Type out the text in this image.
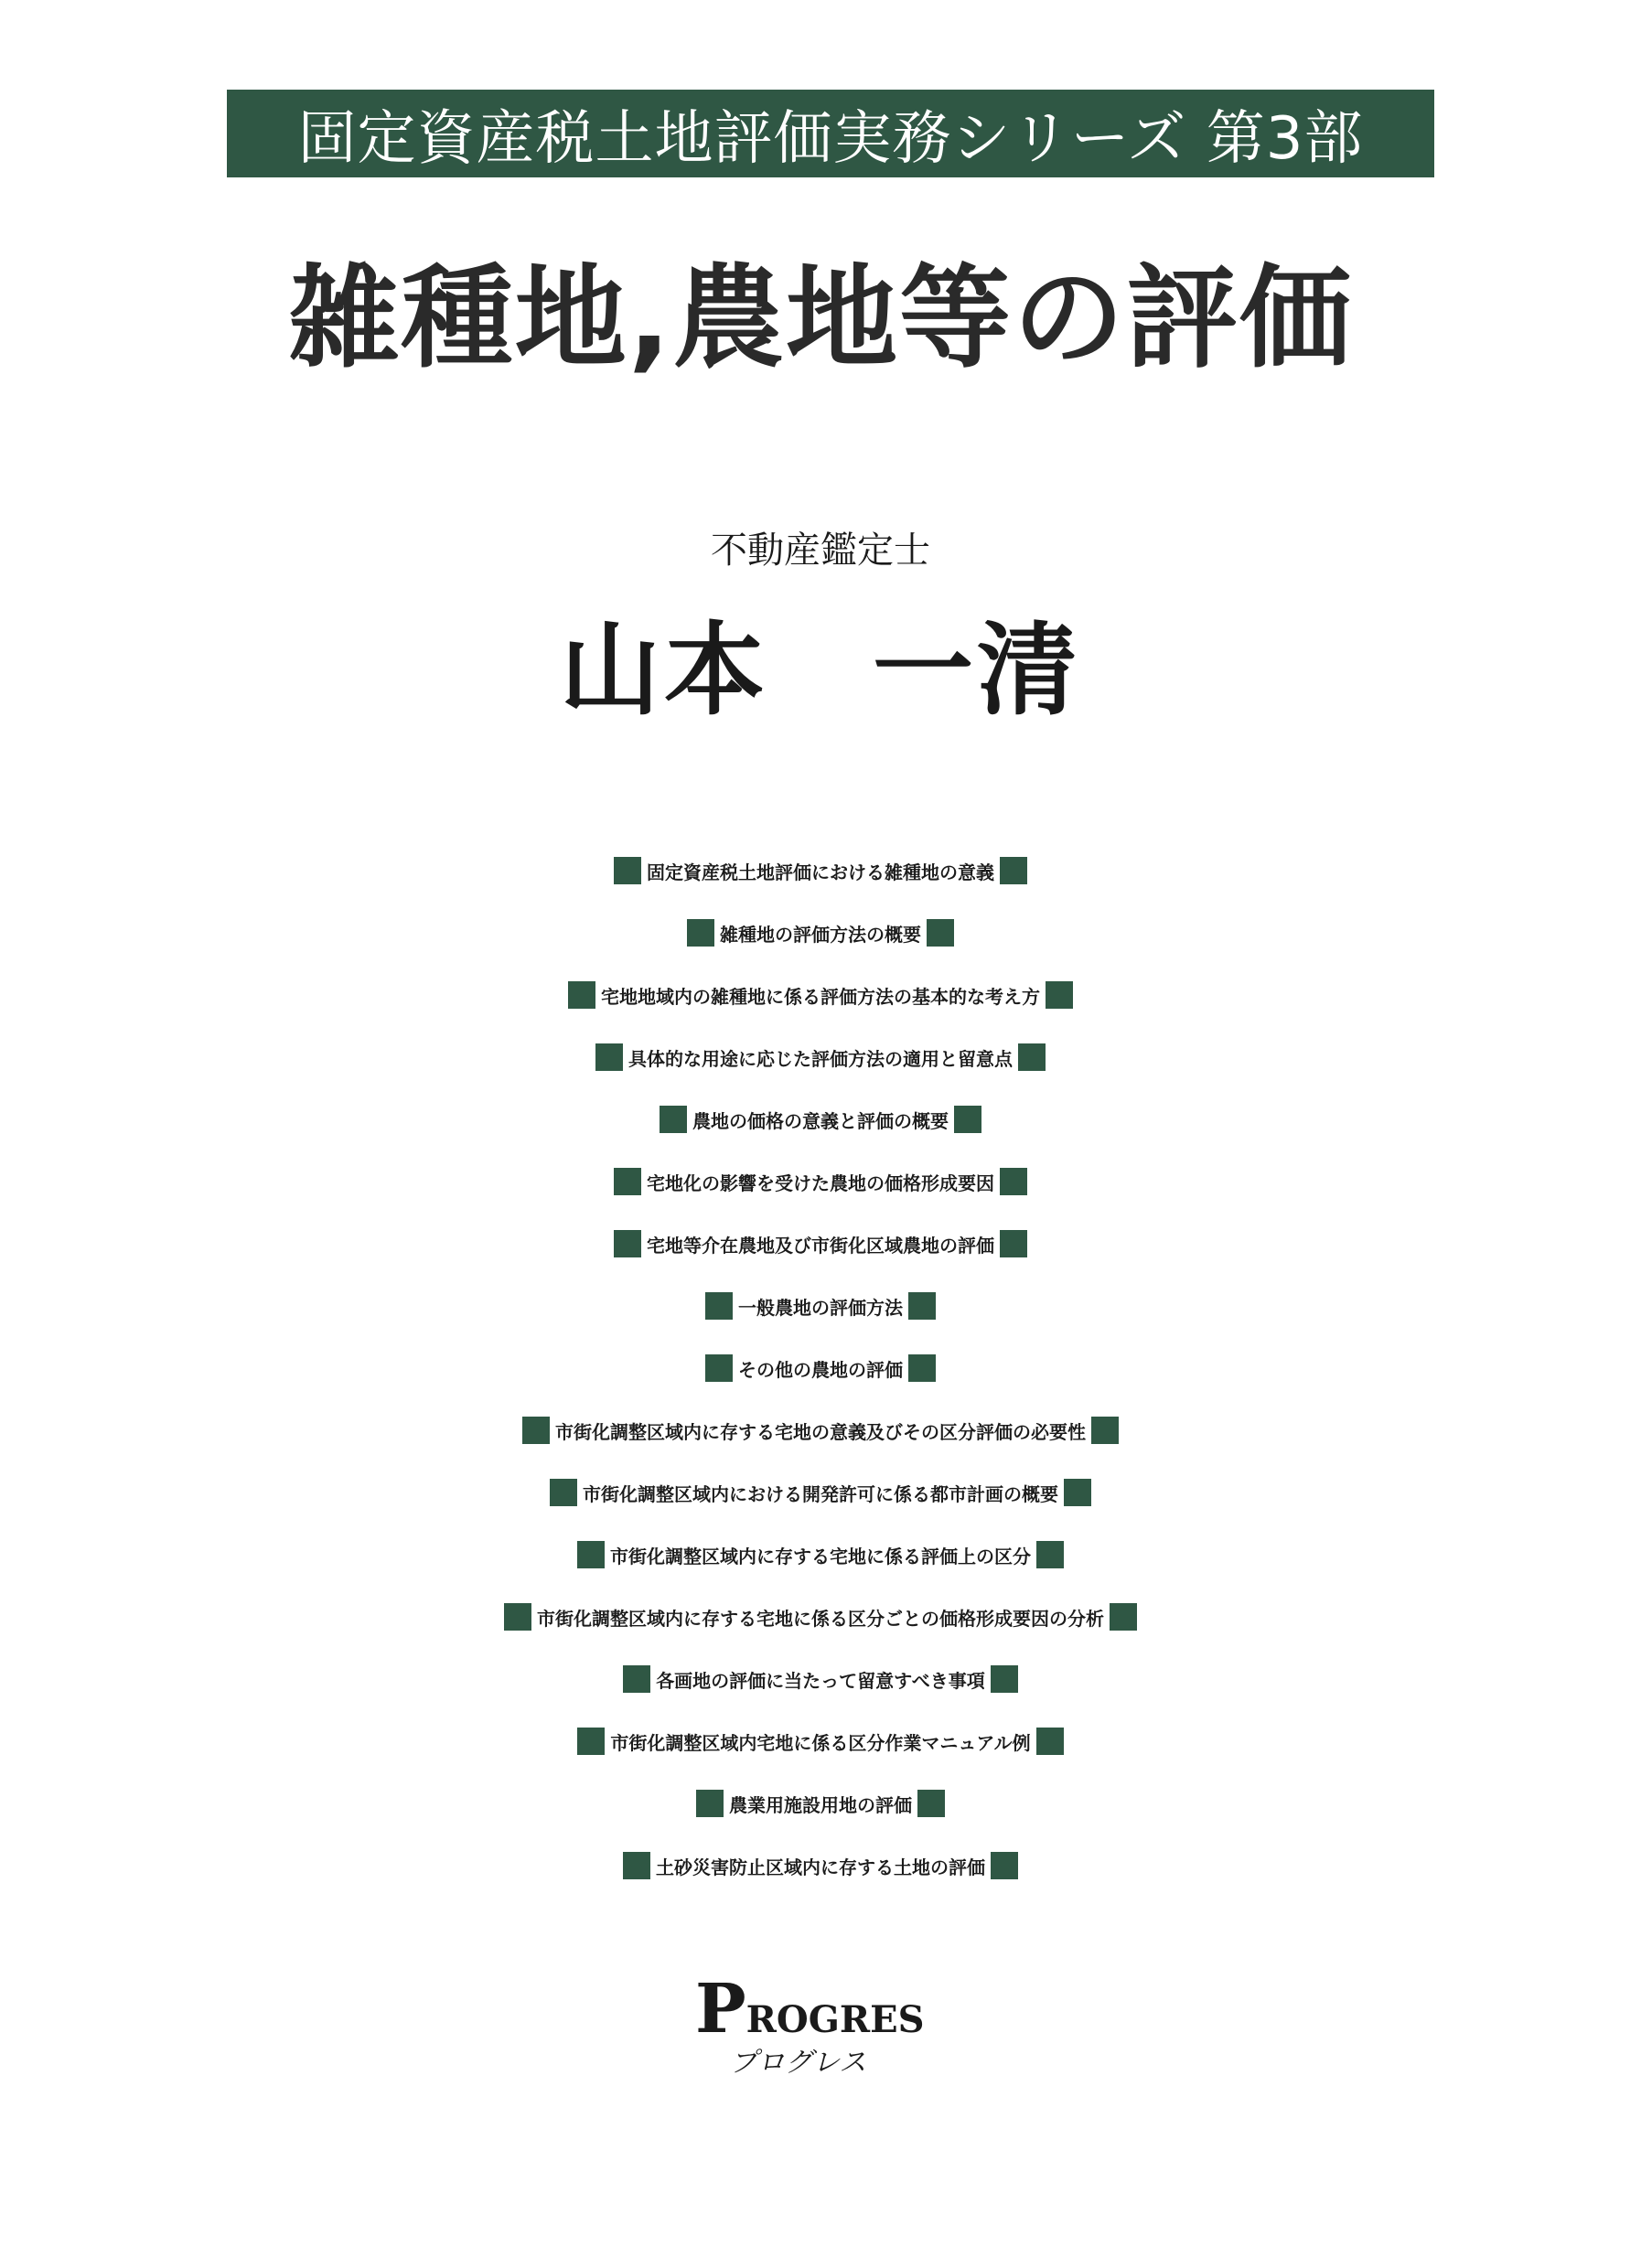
固定資産税土地評価実務シリーズ 第3部
雑種地,農地等の評価
不動産鑑定士
山本　一清
固定資産税土地評価における雑種地の意義
雑種地の評価方法の概要
宅地地域内の雑種地に係る評価方法の基本的な考え方
具体的な用途に応じた評価方法の適用と留意点
農地の価格の意義と評価の概要
宅地化の影響を受けた農地の価格形成要因
宅地等介在農地及び市街化区域農地の評価
一般農地の評価方法
その他の農地の評価
市街化調整区域内に存する宅地の意義及びその区分評価の必要性
市街化調整区域内における開発許可に係る都市計画の概要
市街化調整区域内に存する宅地に係る評価上の区分
市街化調整区域内に存する宅地に係る区分ごとの価格形成要因の分析
各画地の評価に当たって留意すべき事項
市街化調整区域内宅地に係る区分作業マニュアル例
農業用施設用地の評価
土砂災害防止区域内に存する土地の評価
PROGRES
プログレス
